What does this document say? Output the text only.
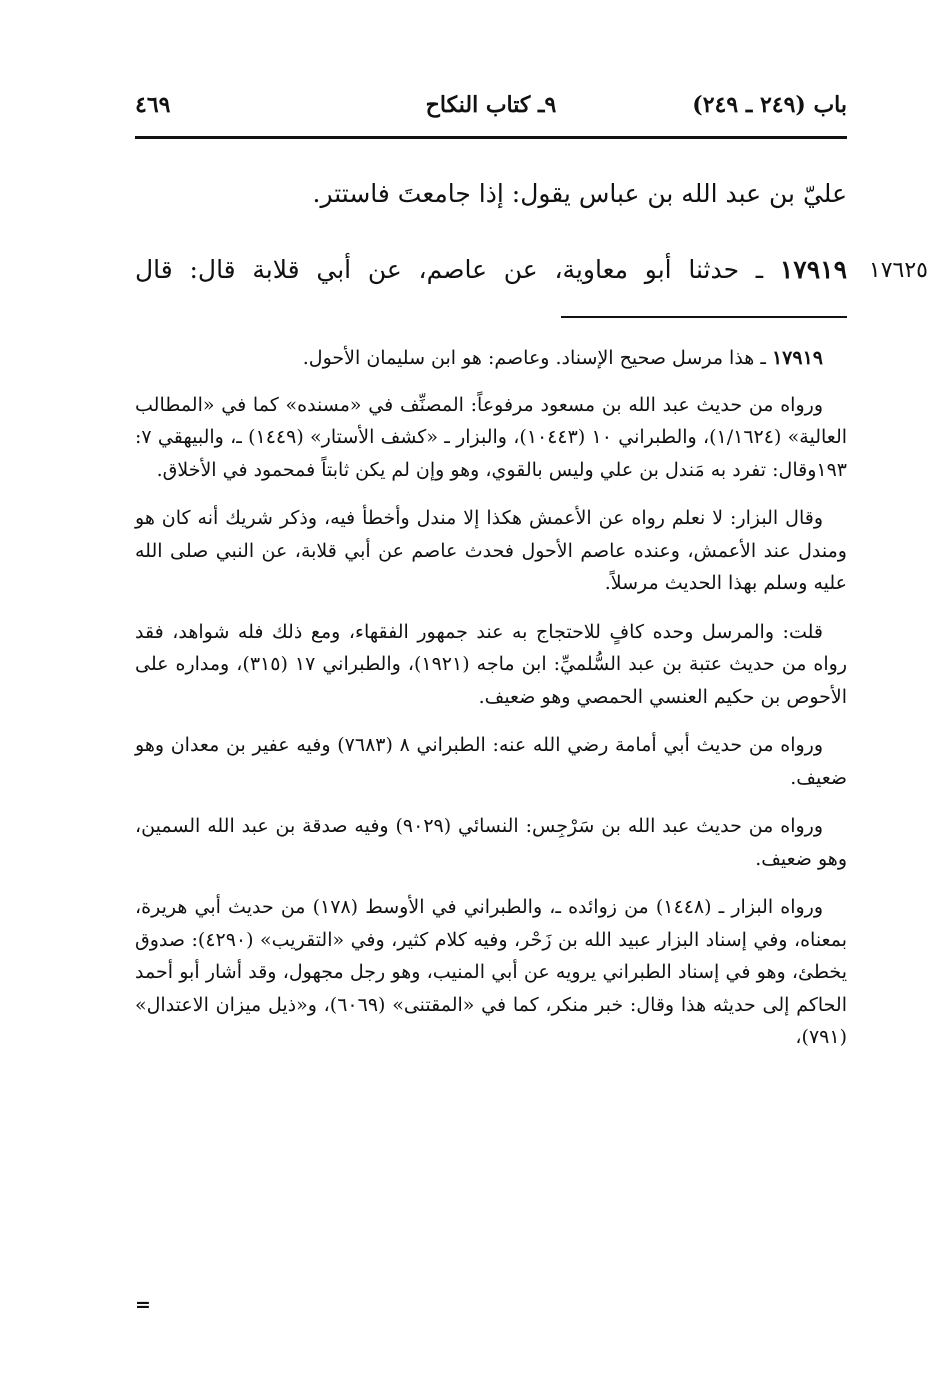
باب (٢٤٩ ـ ٢٤٩)
٩ـ كتاب النكاح
٤٦٩

عليّ بن عبد الله بن عباس يقول: إذا جامعتَ فاستتر.

١٧٩١٩ ـ حدثنا أبو معاوية، عن عاصم، عن أبي قلابة قال: قال

١٧٩١٩ ـ هذا مرسل صحيح الإسناد. وعاصم: هو ابن سليمان الأحول.

ورواه من حديث عبد الله بن مسعود مرفوعاً: المصنِّف في «مسنده» كما في «المطالب العالية» (١/١٦٢٤)، والطبراني ١٠ (١٠٤٤٣)، والبزار ـ «كشف الأستار» (١٤٤٩) ـ، والبيهقي ٧: ١٩٣وقال: تفرد به مَندل بن علي وليس بالقوي، وهو وإن لم يكن ثابتاً فمحمود في الأخلاق.

وقال البزار: لا نعلم رواه عن الأعمش هكذا إلا مندل وأخطأ فيه، وذكر شريك أنه كان هو ومندل عند الأعمش، وعنده عاصم الأحول فحدث عاصم عن أبي قلابة، عن النبي صلى الله عليه وسلم بهذا الحديث مرسلاً.

قلت: والمرسل وحده كافٍ للاحتجاج به عند جمهور الفقهاء، ومع ذلك فله شواهد، فقد رواه من حديث عتبة بن عبد السُّلميِّ: ابن ماجه (١٩٢١)، والطبراني ١٧ (٣١٥)، ومداره على الأحوص بن حكيم العنسي الحمصي وهو ضعيف.

ورواه من حديث أبي أمامة رضي الله عنه: الطبراني ٨ (٧٦٨٣) وفيه عفير بن معدان وهو ضعيف.

ورواه من حديث عبد الله بن سَرْجِس: النسائي (٩٠٢٩) وفيه صدقة بن عبد الله السمين، وهو ضعيف.

ورواه البزار ـ (١٤٤٨) من زوائده ـ، والطبراني في الأوسط (١٧٨) من حديث أبي هريرة، بمعناه، وفي إسناد البزار عبيد الله بن زَحْر، وفيه كلام كثير، وفي «التقريب» (٤٢٩٠): صدوق يخطئ، وهو في إسناد الطبراني يرويه عن أبي المنيب، وهو رجل مجهول، وقد أشار أبو أحمد الحاكم إلى حديثه هذا وقال: خبر منكر، كما في «المقتنى» (٦٠٦٩)، و«ذيل ميزان الاعتدال» (٧٩١)،

=
١٧٦٢٥
